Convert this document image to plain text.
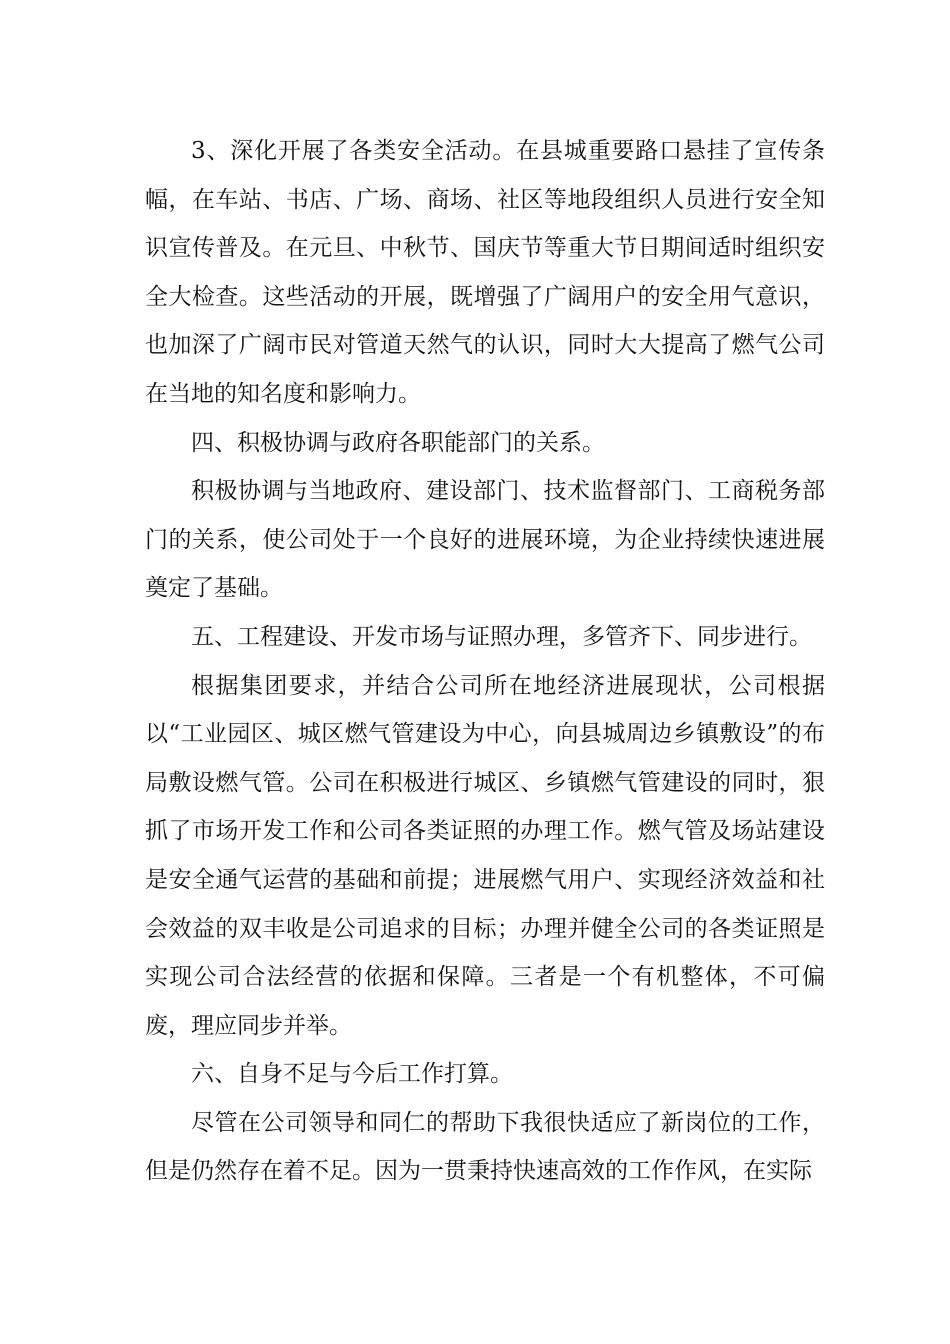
3、深化开展了各类安全活动。在县城重要路口悬挂了宣传条幅，在车站、书店、广场、商场、社区等地段组织人员进行安全知识宣传普及。在元旦、中秋节、国庆节等重大节日期间适时组织安全大检查。这些活动的开展，既增强了广阔用户的安全用气意识，也加深了广阔市民对管道天然气的认识，同时大大提高了燃气公司在当地的知名度和影响力。

四、积极协调与政府各职能部门的关系。

积极协调与当地政府、建设部门、技术监督部门、工商税务部门的关系，使公司处于一个良好的进展环境，为企业持续快速进展奠定了基础。

五、工程建设、开发市场与证照办理，多管齐下、同步进行。

根据集团要求，并结合公司所在地经济进展现状，公司根据以“工业园区、城区燃气管建设为中心，向县城周边乡镇敷设”的布局敷设燃气管。公司在积极进行城区、乡镇燃气管建设的同时，狠抓了市场开发工作和公司各类证照的办理工作。燃气管及场站建设是安全通气运营的基础和前提；进展燃气用户、实现经济效益和社会效益的双丰收是公司追求的目标；办理并健全公司的各类证照是实现公司合法经营的依据和保障。三者是一个有机整体，不可偏废，理应同步并举。

六、自身不足与今后工作打算。

尽管在公司领导和同仁的帮助下我很快适应了新岗位的工作，但是仍然存在着不足。因为一贯秉持快速高效的工作作风，在实际
